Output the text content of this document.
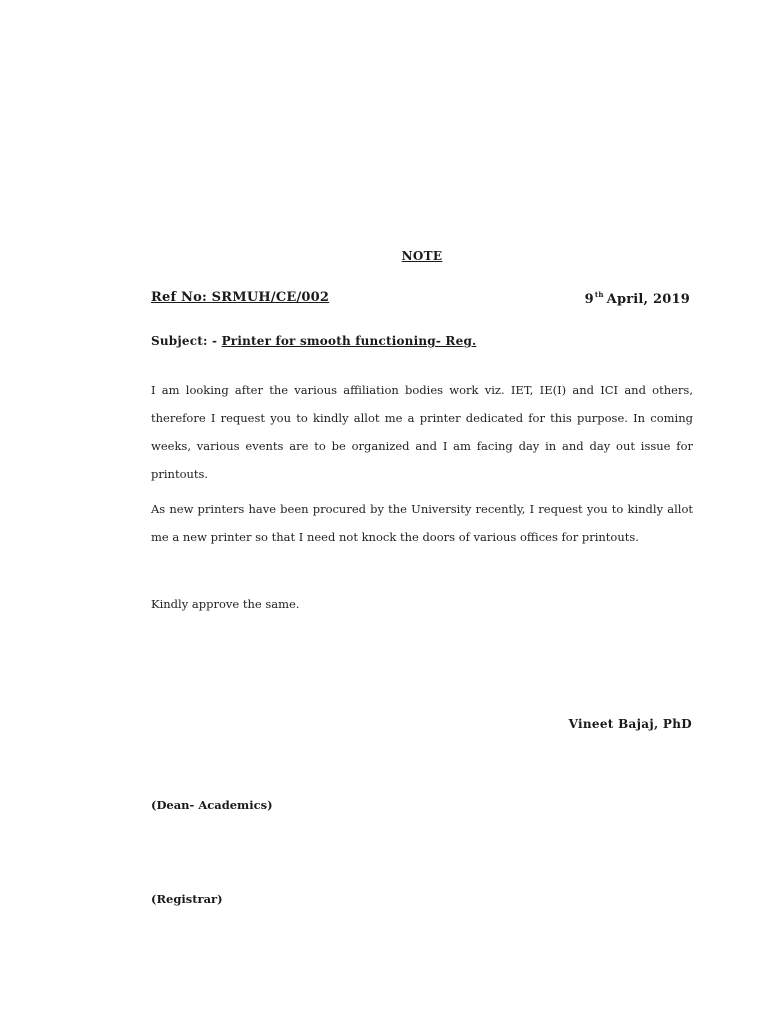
NOTE
Ref No: SRMUH/CE/002	9th April, 2019
Subject: - Printer for smooth functioning- Reg.
I am looking after the various affiliation bodies work viz. IET, IE(I) and ICI and others, therefore I request you to kindly allot me a printer dedicated for this purpose. In coming weeks, various events are to be organized and I am facing day in and day out issue for printouts.
As new printers have been procured by the University recently, I request you to kindly allot me a new printer so that I need not knock the doors of various offices for printouts.
Kindly approve the same.
Vineet Bajaj, PhD
(Dean- Academics)
(Registrar)
